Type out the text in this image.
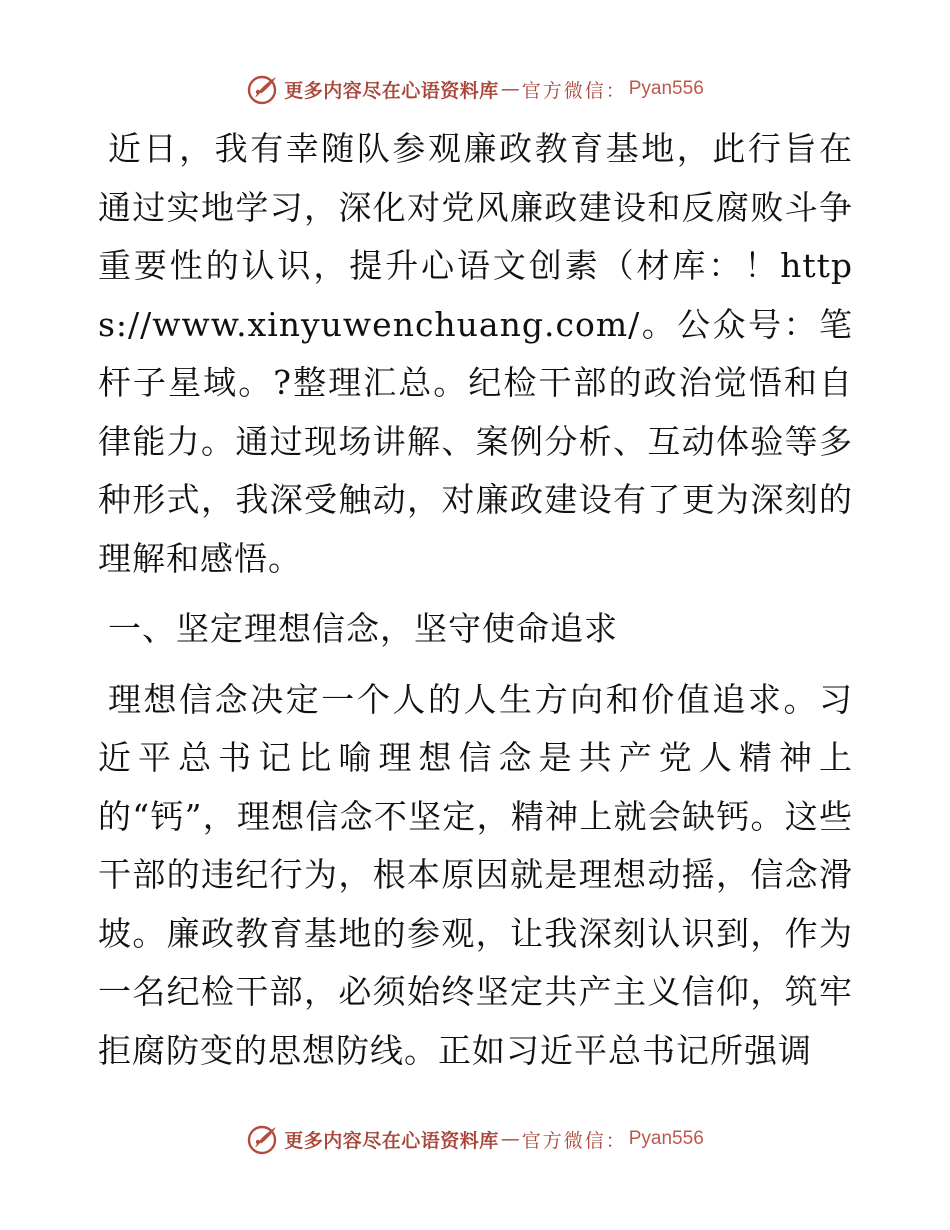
更多内容尽在心语资料库 — 官方微信： Pyan556

近日，我有幸随队参观廉政教育基地，此行旨在通过实地学习，深化对党风廉政建设和反腐败斗争重要性的认识，提升心语文创素（材库：！https://www.xinyuwenchuang.com/。公众号：笔杆子星域。?整理汇总。纪检干部的政治觉悟和自律能力。通过现场讲解、案例分析、互动体验等多种形式，我深受触动，对廉政建设有了更为深刻的理解和感悟。

一、坚定理想信念，坚守使命追求

理想信念决定一个人的人生方向和价值追求。习近平总书记比喻理想信念是共产党人精神上的“钙”，理想信念不坚定，精神上就会缺钙。这些干部的违纪行为，根本原因就是理想动摇，信念滑坡。廉政教育基地的参观，让我深刻认识到，作为一名纪检干部，必须始终坚定共产主义信仰，筑牢拒腐防变的思想防线。正如习近平总书记所强调

更多内容尽在心语资料库 — 官方微信： Pyan556
